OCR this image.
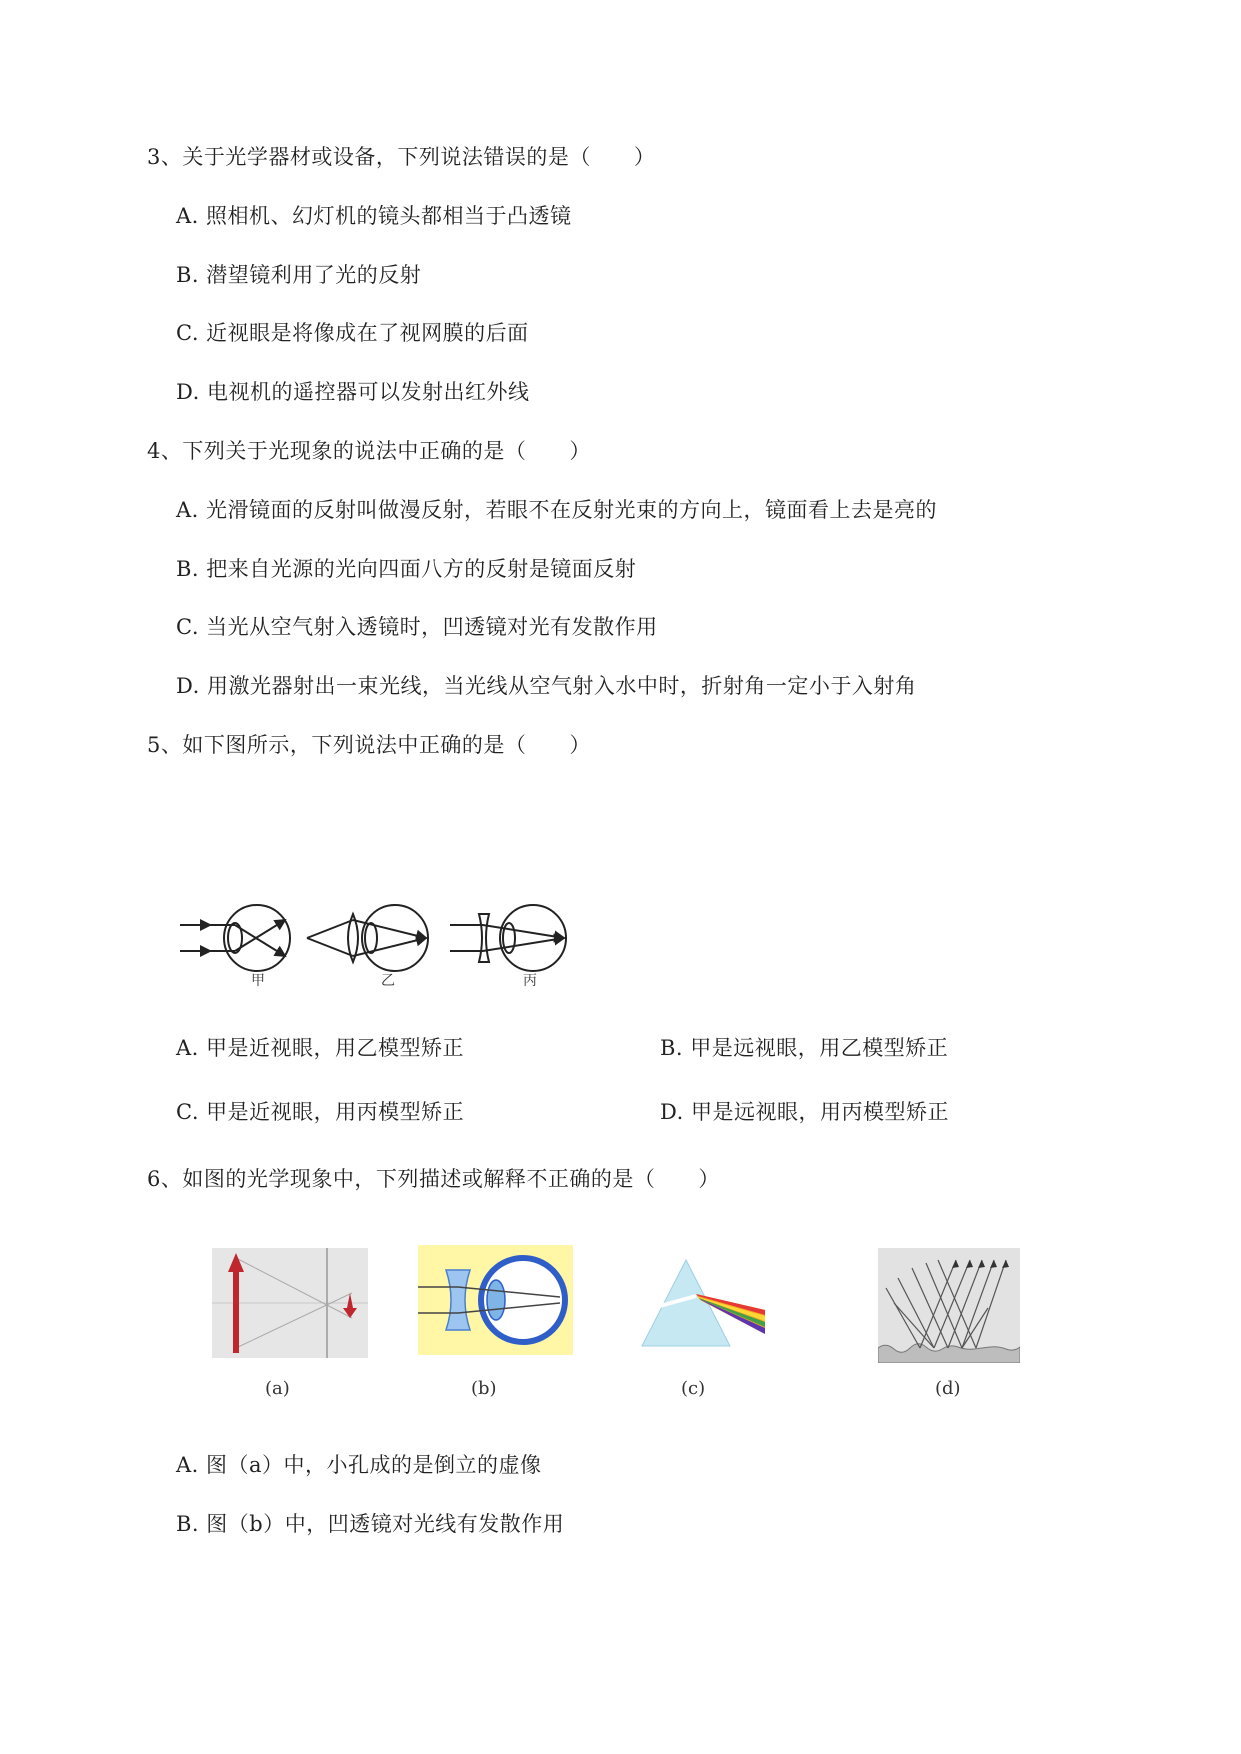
3、关于光学器材或设备，下列说法错误的是（　　）
A. 照相机、幻灯机的镜头都相当于凸透镜
B. 潜望镜利用了光的反射
C. 近视眼是将像成在了视网膜的后面
D. 电视机的遥控器可以发射出红外线
4、下列关于光现象的说法中正确的是（　　）
A. 光滑镜面的反射叫做漫反射，若眼不在反射光束的方向上，镜面看上去是亮的
B. 把来自光源的光向四面八方的反射是镜面反射
C. 当光从空气射入透镜时，凹透镜对光有发散作用
D. 用激光器射出一束光线，当光线从空气射入水中时，折射角一定小于入射角
5、如下图所示，下列说法中正确的是（　　）
甲	乙	丙
A. 甲是近视眼，用乙模型矫正	B. 甲是远视眼，用乙模型矫正
C. 甲是近视眼，用丙模型矫正	D. 甲是远视眼，用丙模型矫正
6、如图的光学现象中，下列描述或解释不正确的是（　　）
(a)	(b)	(c)	(d)
A. 图（a）中，小孔成的是倒立的虚像
B. 图（b）中，凹透镜对光线有发散作用
